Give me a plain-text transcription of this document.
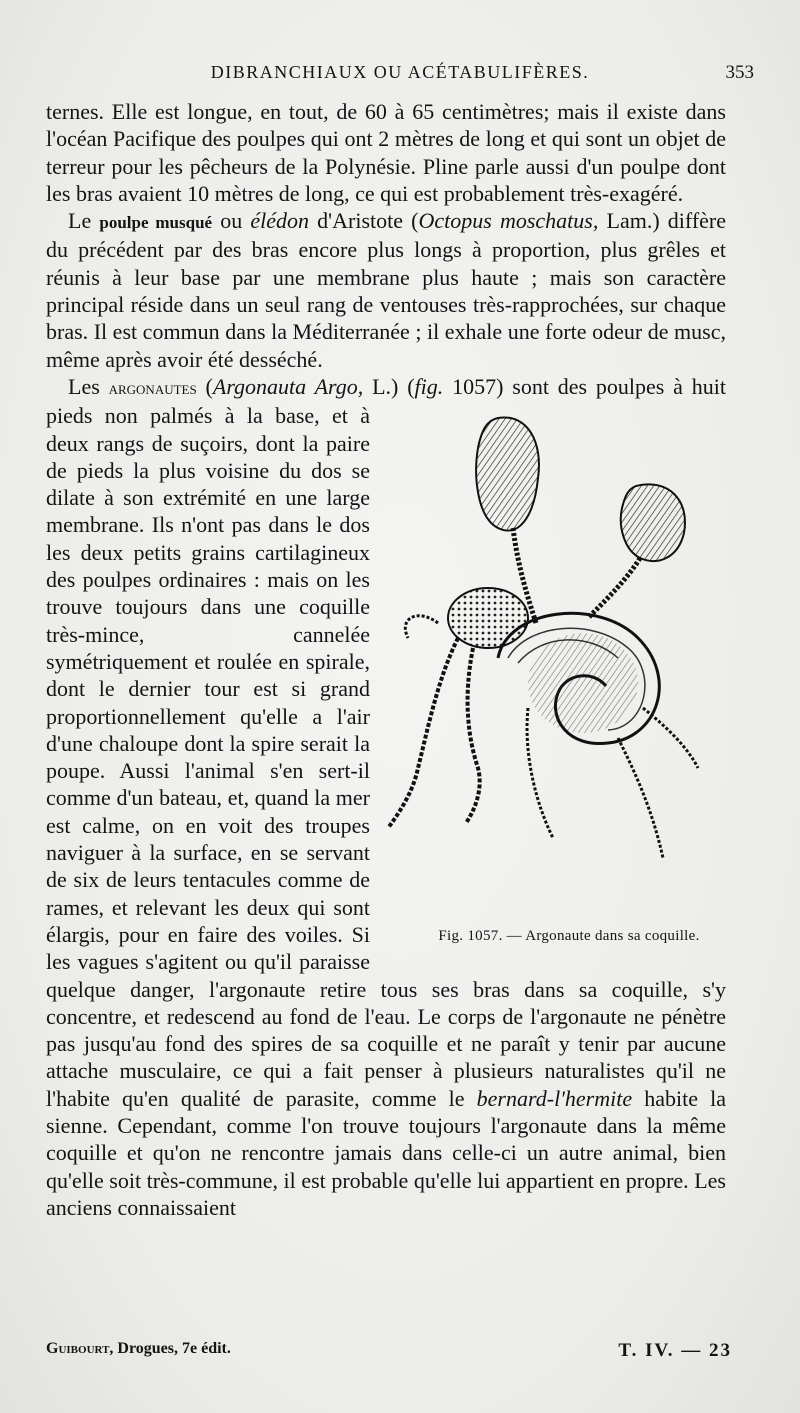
DIBRANCHIAUX OU ACÉTABULIFÈRES.	353

ternes. Elle est longue, en tout, de 60 à 65 centimètres; mais il existe dans l'océan Pacifique des poulpes qui ont 2 mètres de long et qui sont un objet de terreur pour les pêcheurs de la Polynésie. Pline parle aussi d'un poulpe dont les bras avaient 10 mètres de long, ce qui est probablement très-exagéré.

Le poulpe musqué ou élédon d'Aristote (Octopus moschatus, Lam.) diffère du précédent par des bras encore plus longs à proportion, plus grêles et réunis à leur base par une membrane plus haute ; mais son caractère principal réside dans un seul rang de ventouses très-rapprochées, sur chaque bras. Il est commun dans la Méditerranée ; il exhale une forte odeur de musc, même après avoir été desséché.

Les argonautes (Argonauta Argo, L.) (fig. 1057)
Fig. 1057. — Argonaute dans sa coquille.
sont des poulpes à huit pieds non palmés à la base, et à deux rangs de suçoirs, dont la paire de pieds la plus voisine du dos se dilate à son extrémité en une large membrane. Ils n'ont pas dans le dos les deux petits grains cartilagineux des poulpes ordinaires : mais on les trouve toujours dans une coquille très-mince, cannelée symétriquement et roulée en spirale, dont le dernier tour est si grand proportionnellement qu'elle a l'air d'une chaloupe dont la spire serait la poupe. Aussi l'animal s'en sert-il comme d'un bateau, et, quand la mer est calme, on en voit des troupes naviguer à la surface, en se servant de six de leurs tentacules comme de rames, et relevant les deux qui sont élargis, pour en faire des voiles. Si les vagues s'agitent ou qu'il paraisse quelque danger, l'argonaute retire tous ses bras dans sa coquille, s'y concentre, et redescend au fond de l'eau. Le corps de l'argonaute ne pénètre pas jusqu'au fond des spires de sa coquille et ne paraît y tenir par aucune attache musculaire, ce qui a fait penser à plusieurs naturalistes qu'il ne l'habite qu'en qualité de parasite, comme le bernard-l'hermite habite la sienne. Cependant, comme l'on trouve toujours l'argonaute dans la même coquille et qu'on ne rencontre jamais dans celle-ci un autre animal, bien qu'elle soit très-commune, il est probable qu'elle lui appartient en propre. Les anciens connaissaient

Guibourt, Drogues, 7e édit.	T. IV. — 23
